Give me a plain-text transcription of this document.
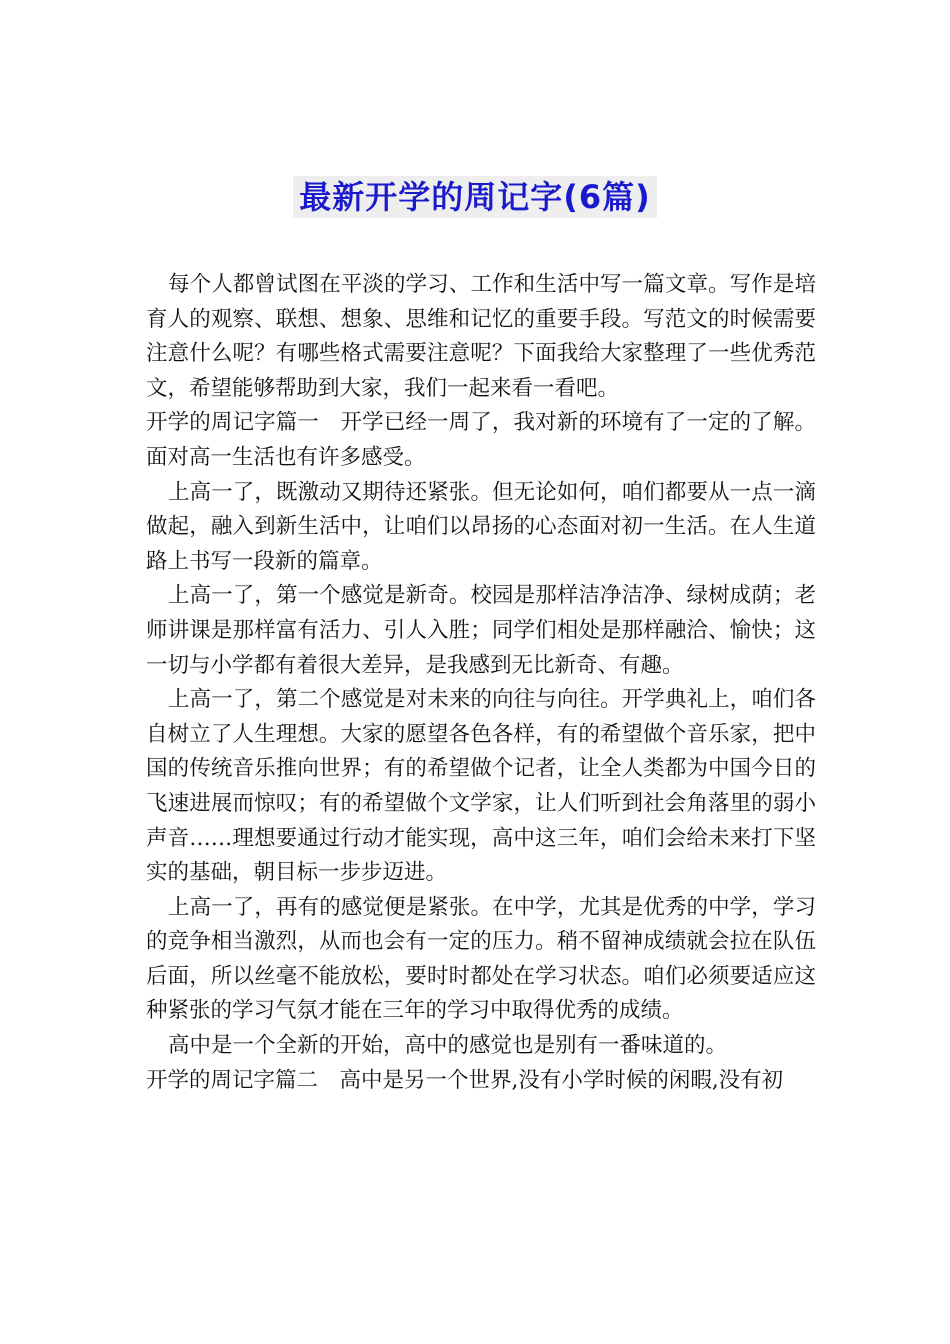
最新开学的周记字(6篇)

每个人都曾试图在平淡的学习、工作和生活中写一篇文章。写作是培育人的观察、联想、想象、思维和记忆的重要手段。写范文的时候需要注意什么呢？有哪些格式需要注意呢？下面我给大家整理了一些优秀范文，希望能够帮助到大家，我们一起来看一看吧。

开学的周记字篇一　开学已经一周了，我对新的环境有了一定的了解。面对高一生活也有许多感受。

上高一了，既激动又期待还紧张。但无论如何，咱们都要从一点一滴做起，融入到新生活中，让咱们以昂扬的心态面对初一生活。在人生道路上书写一段新的篇章。

上高一了，第一个感觉是新奇。校园是那样洁净洁净、绿树成荫；老师讲课是那样富有活力、引人入胜；同学们相处是那样融洽、愉快；这一切与小学都有着很大差异，是我感到无比新奇、有趣。

上高一了，第二个感觉是对未来的向往与向往。开学典礼上，咱们各自树立了人生理想。大家的愿望各色各样，有的希望做个音乐家，把中国的传统音乐推向世界；有的希望做个记者，让全人类都为中国今日的飞速进展而惊叹；有的希望做个文学家，让人们听到社会角落里的弱小声音……理想要通过行动才能实现，高中这三年，咱们会给未来打下坚实的基础，朝目标一步步迈进。

上高一了，再有的感觉便是紧张。在中学，尤其是优秀的中学，学习的竞争相当激烈，从而也会有一定的压力。稍不留神成绩就会拉在队伍后面，所以丝毫不能放松，要时时都处在学习状态。咱们必须要适应这种紧张的学习气氛才能在三年的学习中取得优秀的成绩。

高中是一个全新的开始，高中的感觉也是别有一番味道的。

开学的周记字篇二　高中是另一个世界,没有小学时候的闲暇,没有初
